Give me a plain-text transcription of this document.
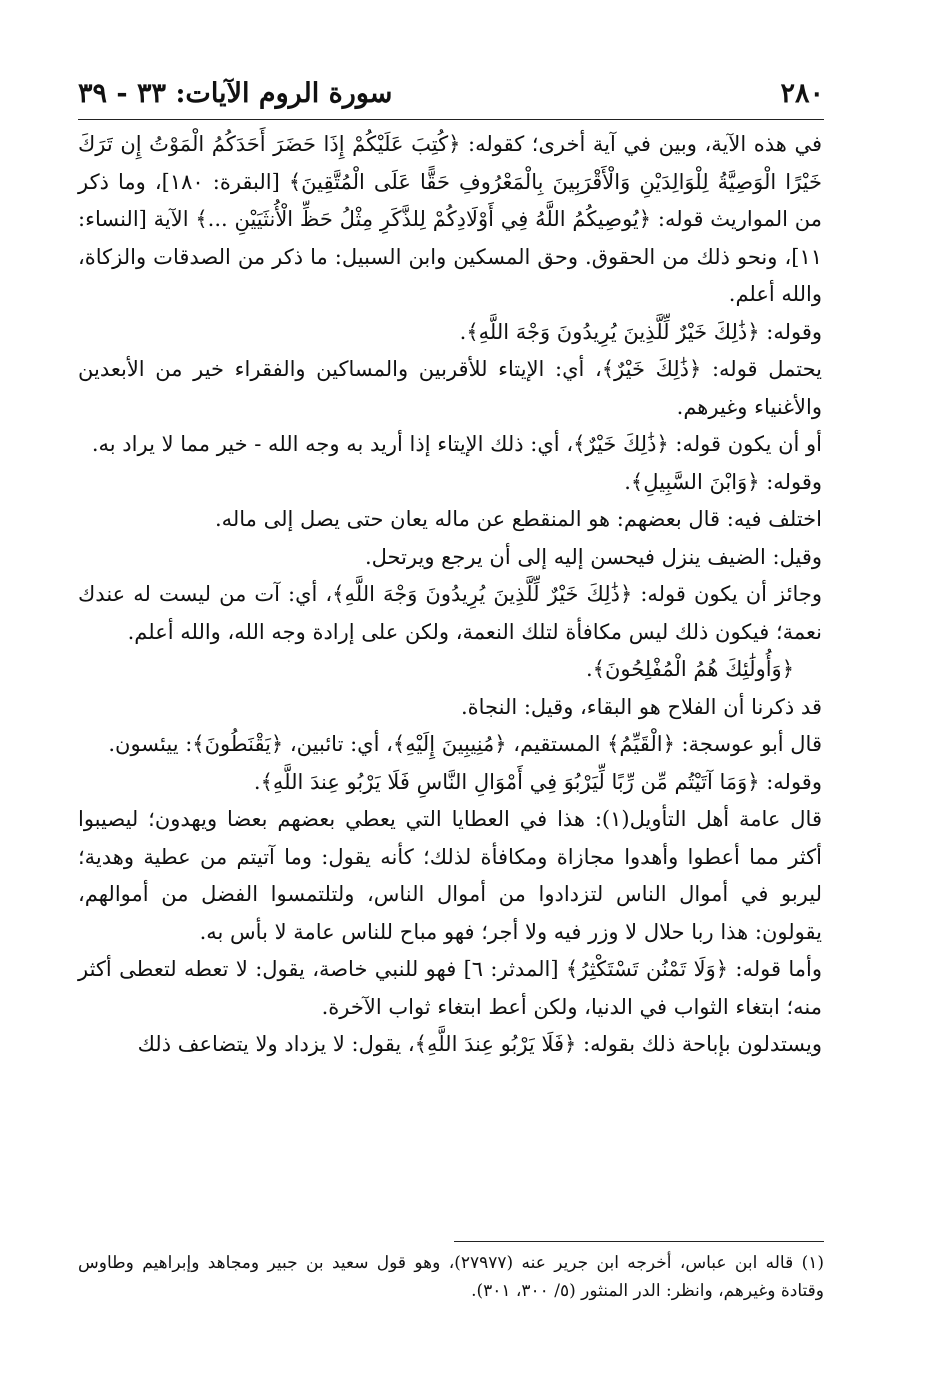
٢٨٠
سورة الروم الآيات: ٣٣ - ٣٩

في هذه الآية، وبين في آية أخرى؛ كقوله: ﴿كُتِبَ عَلَيْكُمْ إِذَا حَضَرَ أَحَدَكُمُ الْمَوْتُ إِن تَرَكَ خَيْرًا الْوَصِيَّةُ لِلْوَالِدَيْنِ وَالْأَقْرَبِينَ بِالْمَعْرُوفِ حَقًّا عَلَى الْمُتَّقِينَ﴾ [البقرة: ١٨٠]، وما ذكر من المواريث قوله: ﴿يُوصِيكُمُ اللَّهُ فِي أَوْلَادِكُمْ لِلذَّكَرِ مِثْلُ حَظِّ الْأُنثَيَيْنِ ...﴾ الآية [النساء: ١١]، ونحو ذلك من الحقوق. وحق المسكين وابن السبيل: ما ذكر من الصدقات والزكاة، والله أعلم.

وقوله: ﴿ذَٰلِكَ خَيْرٌ لِّلَّذِينَ يُرِيدُونَ وَجْهَ اللَّهِ﴾.

يحتمل قوله: ﴿ذَٰلِكَ خَيْرٌ﴾، أي: الإيتاء للأقربين والمساكين والفقراء خير من الأبعدين والأغنياء وغيرهم.

أو أن يكون قوله: ﴿ذَٰلِكَ خَيْرٌ﴾، أي: ذلك الإيتاء إذا أريد به وجه الله - خير مما لا يراد به.

وقوله: ﴿وَابْنَ السَّبِيلِ﴾.

اختلف فيه: قال بعضهم: هو المنقطع عن ماله يعان حتى يصل إلى ماله.

وقيل: الضيف ينزل فيحسن إليه إلى أن يرجع ويرتحل.

وجائز أن يكون قوله: ﴿ذَٰلِكَ خَيْرٌ لِّلَّذِينَ يُرِيدُونَ وَجْهَ اللَّهِ﴾، أي: آت من ليست له عندك نعمة؛ فيكون ذلك ليس مكافأة لتلك النعمة، ولكن على إرادة وجه الله، والله أعلم.

﴿وَأُولَٰئِكَ هُمُ الْمُفْلِحُونَ﴾.

قد ذكرنا أن الفلاح هو البقاء، وقيل: النجاة.

قال أبو عوسجة: ﴿الْقَيِّمُ﴾ المستقيم، ﴿مُنِيبِينَ إِلَيْهِ﴾، أي: تائبين، ﴿يَقْنَطُونَ﴾: ييئسون.

وقوله: ﴿وَمَا آتَيْتُم مِّن رِّبًا لِّيَرْبُوَ فِي أَمْوَالِ النَّاسِ فَلَا يَرْبُو عِندَ اللَّهِ﴾.

قال عامة أهل التأويل(١): هذا في العطايا التي يعطي بعضهم بعضا ويهدون؛ ليصيبوا أكثر مما أعطوا وأهدوا مجازاة ومكافأة لذلك؛ كأنه يقول: وما آتيتم من عطية وهدية؛ ليربو في أموال الناس لتزدادوا من أموال الناس، ولتلتمسوا الفضل من أموالهم، يقولون: هذا ربا حلال لا وزر فيه ولا أجر؛ فهو مباح للناس عامة لا بأس به.

وأما قوله: ﴿وَلَا تَمْنُن تَسْتَكْثِرُ﴾ [المدثر: ٦] فهو للنبي خاصة، يقول: لا تعطه لتعطى أكثر منه؛ ابتغاء الثواب في الدنيا، ولكن أعط ابتغاء ثواب الآخرة.

ويستدلون بإباحة ذلك بقوله: ﴿فَلَا يَرْبُو عِندَ اللَّهِ﴾، يقول: لا يزداد ولا يتضاعف ذلك

(١) قاله ابن عباس، أخرجه ابن جرير عنه (٢٧٩٧٧)، وهو قول سعيد بن جبير ومجاهد وإبراهيم وطاوس وقتادة وغيرهم، وانظر: الدر المنثور (٥/ ٣٠٠، ٣٠١).
